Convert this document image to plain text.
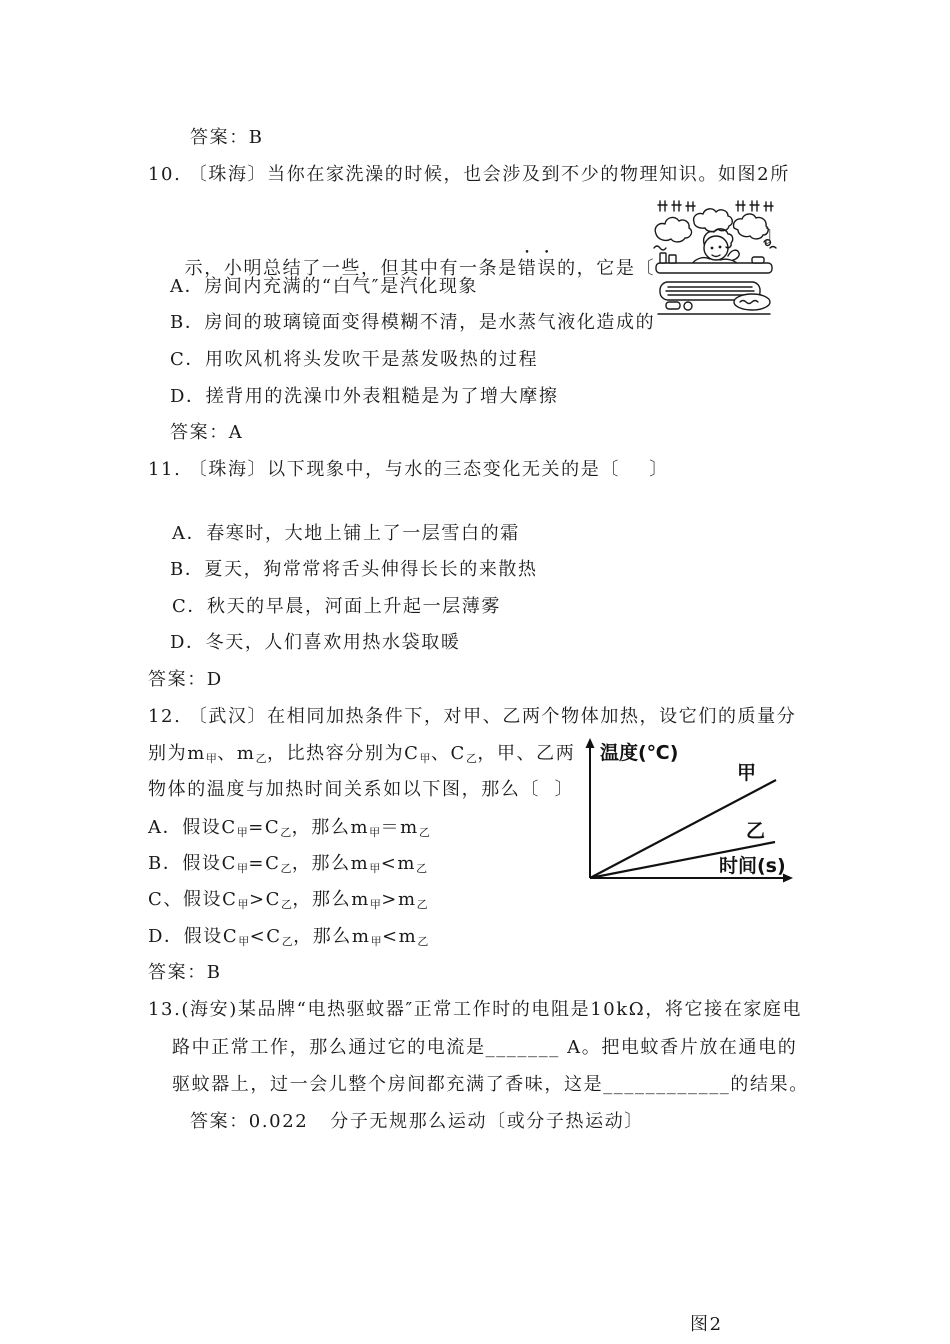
答案：B
10. 〔珠海〕当你在家洗澡的时候，也会涉及到不少的物理知识。如图2所

示，小明总结了一些，但其中有一条是错误的，它是〔

〕
A．房间内充满的“白气″是汽化现象
B．房间的玻璃镜面变得模糊不清，是水蒸气液化造成的
C．用吹风机将头发吹干是蒸发吸热的过程
D．搓背用的洗澡巾外表粗糙是为了增大摩擦
答案：A
11. 〔珠海〕以下现象中，与水的三态变化无关的是〔    〕
A．春寒时，大地上铺上了一层雪白的霜
B．夏天，狗常常将舌头伸得长长的来散热
C．秋天的早晨，河面上升起一层薄雾
D．冬天，人们喜欢用热水袋取暖
答案：D
12. 〔武汉〕在相同加热条件下，对甲、乙两个物体加热，设它们的质量分
别为m甲、m乙，比热容分别为C甲、C乙，甲、乙两
物体的温度与加热时间关系如以下图，那么〔  〕
A．假设C甲=C乙，那么m甲＝m乙
B．假设C甲=C乙，那么m甲<m乙
C、假设C甲>C乙，那么m甲>m乙
D．假设C甲<C乙，那么m甲<m乙
答案：B
温度(℃)
甲
乙
时间(s)
13.(海安)某品牌“电热驱蚊器″正常工作时的电阻是10kΩ，将它接在家庭电
路中正常工作，那么通过它的电流是_______ A。把电蚊香片放在通电的
驱蚊器上，过一会儿整个房间都充满了香味，这是____________的结果。
答案：0.022   分子无规那么运动〔或分子热运动〕
图2
